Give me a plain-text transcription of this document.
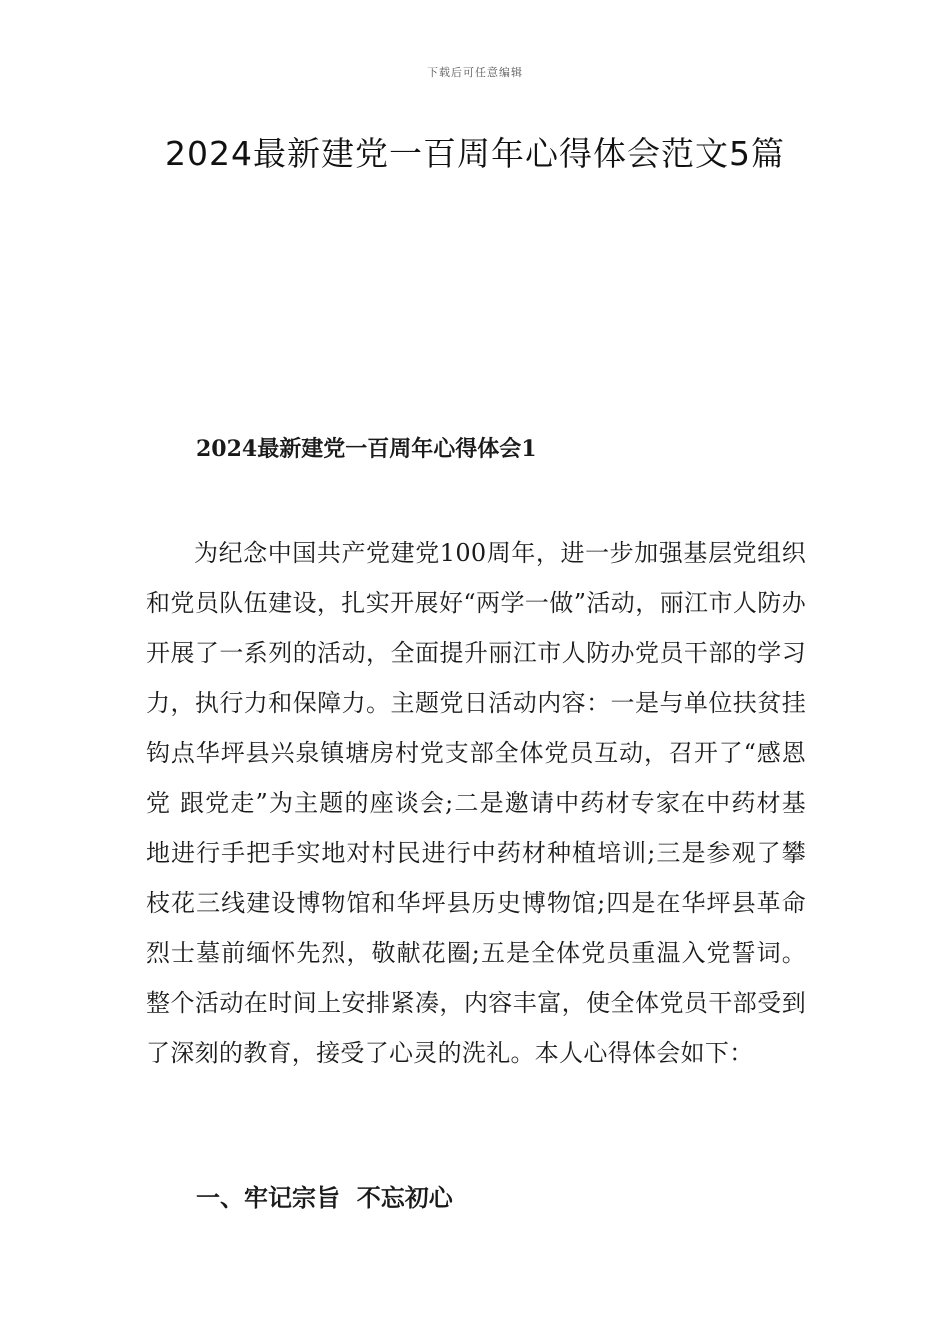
下载后可任意编辑
2024最新建党一百周年心得体会范文5篇
2024最新建党一百周年心得体会1

为纪念中国共产党建党100周年，进一步加强基层党组织和党员队伍建设，扎实开展好“两学一做”活动，丽江市人防办开展了一系列的活动，全面提升丽江市人防办党员干部的学习力，执行力和保障力。主题党日活动内容：一是与单位扶贫挂钩点华坪县兴泉镇塘房村党支部全体党员互动，召开了“感恩党 跟党走”为主题的座谈会;二是邀请中药材专家在中药材基地进行手把手实地对村民进行中药材种植培训;三是参观了攀枝花三线建设博物馆和华坪县历史博物馆;四是在华坪县革命烈士墓前缅怀先烈，敬献花圈;五是全体党员重温入党誓词。整个活动在时间上安排紧凑，内容丰富，使全体党员干部受到了深刻的教育，接受了心灵的洗礼。本人心得体会如下：

一、牢记宗旨  不忘初心
